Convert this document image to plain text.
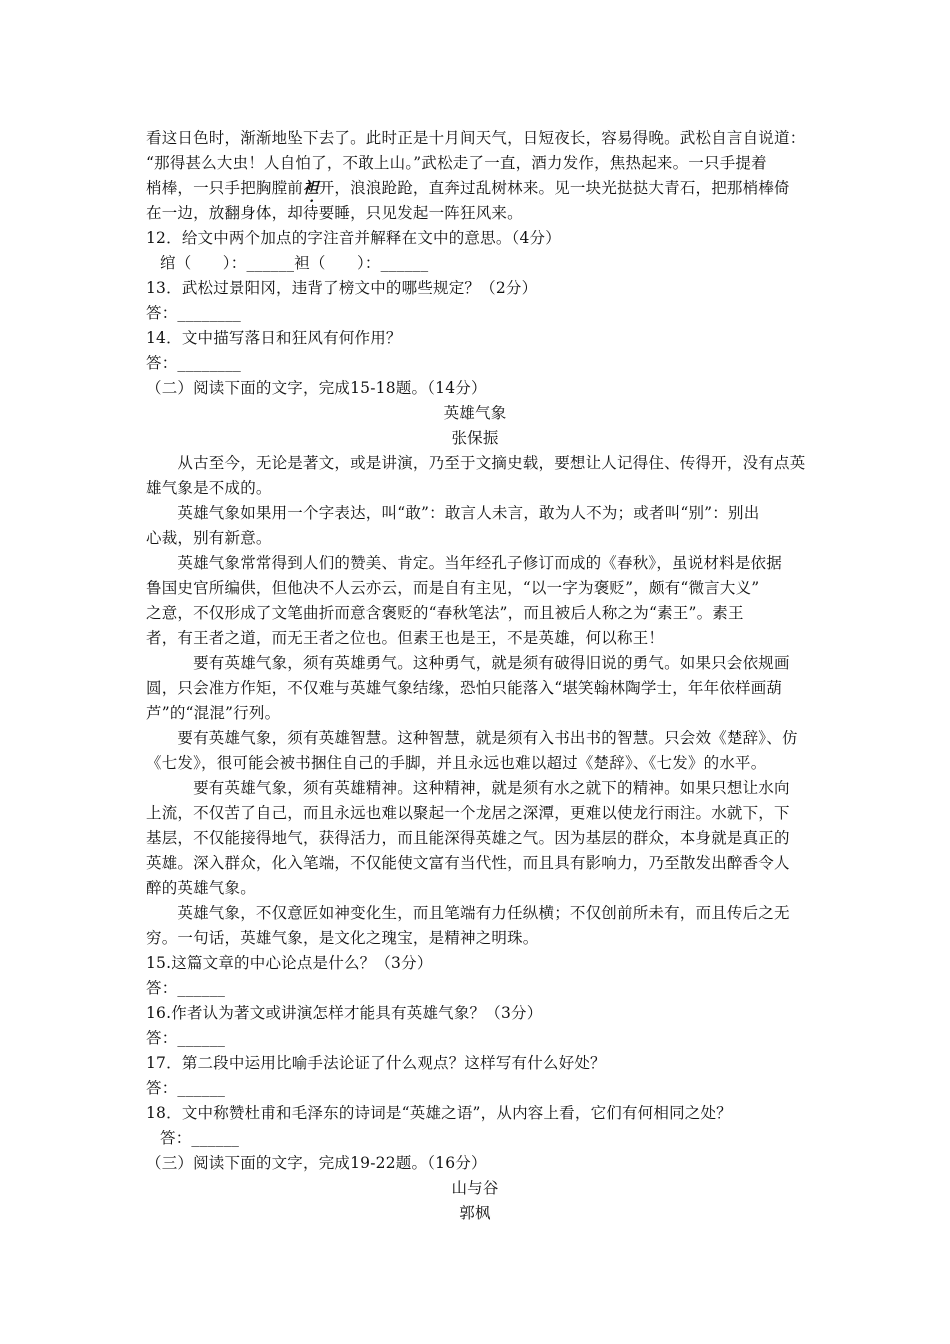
看这日色时，渐渐地坠下去了。此时正是十月间天气，日短夜长，容易得晚。武松自言自说道：
“那得甚么大虫！人自怕了，不敢上山。”武松走了一直，酒力发作，焦热起来。一只手提着
梢棒，一只手把胸膛前袒开，浪浪跄跄，直奔过乱树林来。见一块光挞挞大青石，把那梢棒倚
在一边，放翻身体，却待要睡，只见发起一阵狂风来。
12．给文中两个加点的字注音并解释在文中的意思。（4分）
绾（　　）：______袒（　　）：______
13．武松过景阳冈，违背了榜文中的哪些规定？（2分）
答：________
14．文中描写落日和狂风有何作用？
答：________
（二）阅读下面的文字，完成15-18题。（14分）
英雄气象
张保振
　　从古至今，无论是著文，或是讲演，乃至于文摘史载，要想让人记得住、传得开，没有点英
雄气象是不成的。
　　英雄气象如果用一个字表达，叫“敢”：敢言人未言，敢为人不为；或者叫“别”：别出
心裁，别有新意。
　　英雄气象常常得到人们的赞美、肯定。当年经孔子修订而成的《春秋》，虽说材料是依据
鲁国史官所编供，但他决不人云亦云，而是自有主见，“以一字为褒贬”，颇有“微言大义”
之意，不仅形成了文笔曲折而意含褒贬的“春秋笔法”，而且被后人称之为“素王”。素王
者，有王者之道，而无王者之位也。但素王也是王，不是英雄，何以称王！
　　　要有英雄气象，须有英雄勇气。这种勇气，就是须有破得旧说的勇气。如果只会依规画
圆，只会准方作矩，不仅难与英雄气象结缘，恐怕只能落入“堪笑翰林陶学士，年年依样画葫
芦”的“混混”行列。
　　要有英雄气象，须有英雄智慧。这种智慧，就是须有入书出书的智慧。只会效《楚辞》、仿
《七发》，很可能会被书捆住自己的手脚，并且永远也难以超过《楚辞》、《七发》的水平。
　　　要有英雄气象，须有英雄精神。这种精神，就是须有水之就下的精神。如果只想让水向
上流，不仅苦了自己，而且永远也难以聚起一个龙居之深潭，更难以使龙行雨注。水就下，下
基层，不仅能接得地气，获得活力，而且能深得英雄之气。因为基层的群众，本身就是真正的
英雄。深入群众，化入笔端，不仅能使文富有当代性，而且具有影响力，乃至散发出醉香令人
醉的英雄气象。
　　英雄气象，不仅意匠如神变化生，而且笔端有力任纵横；不仅创前所未有，而且传后之无
穷。一句话，英雄气象，是文化之瑰宝，是精神之明珠。
15.这篇文章的中心论点是什么？（3分）
答：______
16.作者认为著文或讲演怎样才能具有英雄气象？（3分）
答：______
17．第二段中运用比喻手法论证了什么观点？这样写有什么好处？
答：______
18．文中称赞杜甫和毛泽东的诗词是“英雄之语”，从内容上看，它们有何相同之处？
答：______
（三）阅读下面的文字，完成19-22题。（16分）
山与谷
郭枫
